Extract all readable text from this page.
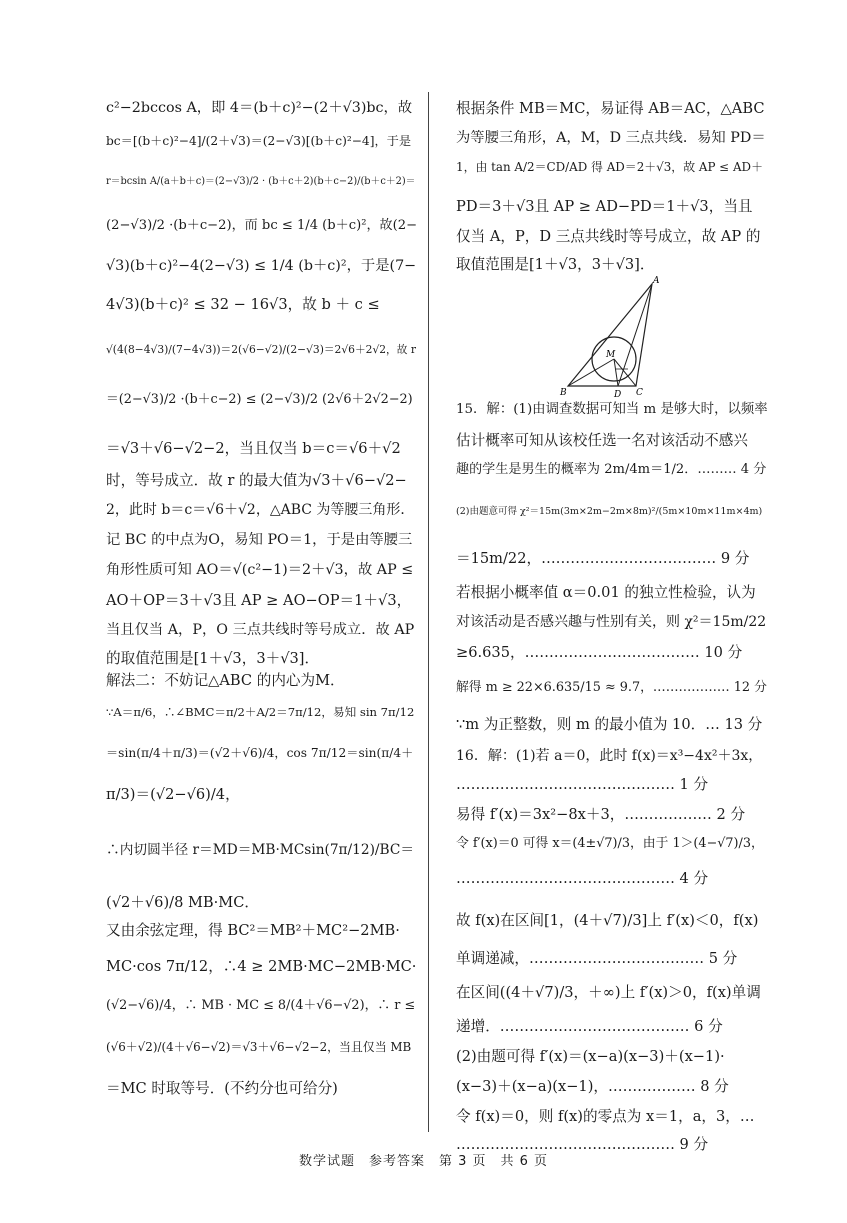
c²−2bccos A，即 4＝(b＋c)²−(2＋√3)bc，故
bc＝[(b＋c)²−4]/(2＋√3)＝(2−√3)[(b＋c)²−4]，于是
r＝bcsin A/(a＋b＋c)＝(2−√3)/2 · (b＋c＋2)(b＋c−2)/(b＋c＋2)＝
(2−√3)/2 ·(b＋c−2)，而 bc ≤ 1/4 (b＋c)²，故(2−
√3)(b＋c)²−4(2−√3) ≤ 1/4 (b＋c)²，于是(7−
4√3)(b＋c)² ≤ 32 − 16√3，故 b ＋ c ≤
√(4(8−4√3)/(7−4√3))＝2(√6−√2)/(2−√3)＝2√6＋2√2，故 r
＝(2−√3)/2 ·(b＋c−2) ≤ (2−√3)/2 (2√6＋2√2−2)
＝√3＋√6−√2−2，当且仅当 b＝c＝√6＋√2
时，等号成立．故 r 的最大值为√3＋√6−√2−
2，此时 b＝c＝√6＋√2，△ABC 为等腰三角形．
记 BC 的中点为O，易知 PO＝1，于是由等腰三
角形性质可知 AO＝√(c²−1)＝2＋√3，故 AP ≤
AO＋OP＝3＋√3且 AP ≥ AO−OP＝1＋√3，
当且仅当 A，P，O 三点共线时等号成立．故 AP
的取值范围是[1＋√3，3＋√3]．
解法二：不妨记△ABC 的内心为M．
∵A＝π/6，∴∠BMC＝π/2＋A/2＝7π/12，易知 sin 7π/12
＝sin(π/4＋π/3)＝(√2＋√6)/4，cos 7π/12＝sin(π/4＋
π/3)＝(√2−√6)/4，
∴内切圆半径 r＝MD＝MB·MCsin(7π/12)/BC＝
(√2＋√6)/8 MB·MC．
又由余弦定理，得 BC²＝MB²＋MC²−2MB·
MC·cos 7π/12，∴4 ≥ 2MB·MC−2MB·MC·
(√2−√6)/4，∴ MB · MC ≤ 8/(4＋√6−√2)，∴ r ≤
(√6＋√2)/(4＋√6−√2)＝√3＋√6−√2−2，当且仅当 MB
＝MC 时取等号．(不约分也可给分)
根据条件 MB＝MC，易证得 AB＝AC，△ABC
为等腰三角形，A，M，D 三点共线．易知 PD＝
1，由 tan A/2＝CD/AD 得 AD＝2＋√3，故 AP ≤ AD＋
PD＝3＋√3且 AP ≥ AD−PD＝1＋√3，当且
仅当 A，P，D 三点共线时等号成立，故 AP 的
取值范围是[1＋√3，3＋√3]．
15．解：(1)由调查数据可知当 m 是够大时，以频率
估计概率可知从该校任选一名对该活动不感兴
趣的学生是男生的概率为 2m/4m＝1/2．……… 4 分
(2)由题意可得 χ²＝15m(3m×2m−2m×8m)²/(5m×10m×11m×4m)
＝15m/22，……………………………… 9 分
若根据小概率值 α＝0.01 的独立性检验，认为
对该活动是否感兴趣与性别有关，则 χ²＝15m/22
≥6.635，……………………………… 10 分
解得 m ≥ 22×6.635/15 ≈ 9.7，……………… 12 分
∵m 为正整数，则 m 的最小值为 10．… 13 分
16．解：(1)若 a＝0，此时 f(x)＝x³−4x²＋3x，
……………………………………… 1 分
易得 f′(x)＝3x²−8x＋3，……………… 2 分
令 f′(x)＝0 可得 x＝(4±√7)/3，由于 1＞(4−√7)/3，
……………………………………… 4 分
故 f(x)在区间[1，(4＋√7)/3]上 f′(x)＜0，f(x)
单调递减，……………………………… 5 分
在区间((4＋√7)/3，＋∞)上 f′(x)＞0，f(x)单调
递增．………………………………… 6 分
(2)由题可得 f′(x)＝(x−a)(x−3)＋(x−1)·
(x−3)＋(x−a)(x−1)，……………… 8 分
令 f(x)＝0，则 f(x)的零点为 x＝1，a，3，…
……………………………………… 9 分
A
M
B	D C
数学试题　参考答案　第 3 页　共 6 页
